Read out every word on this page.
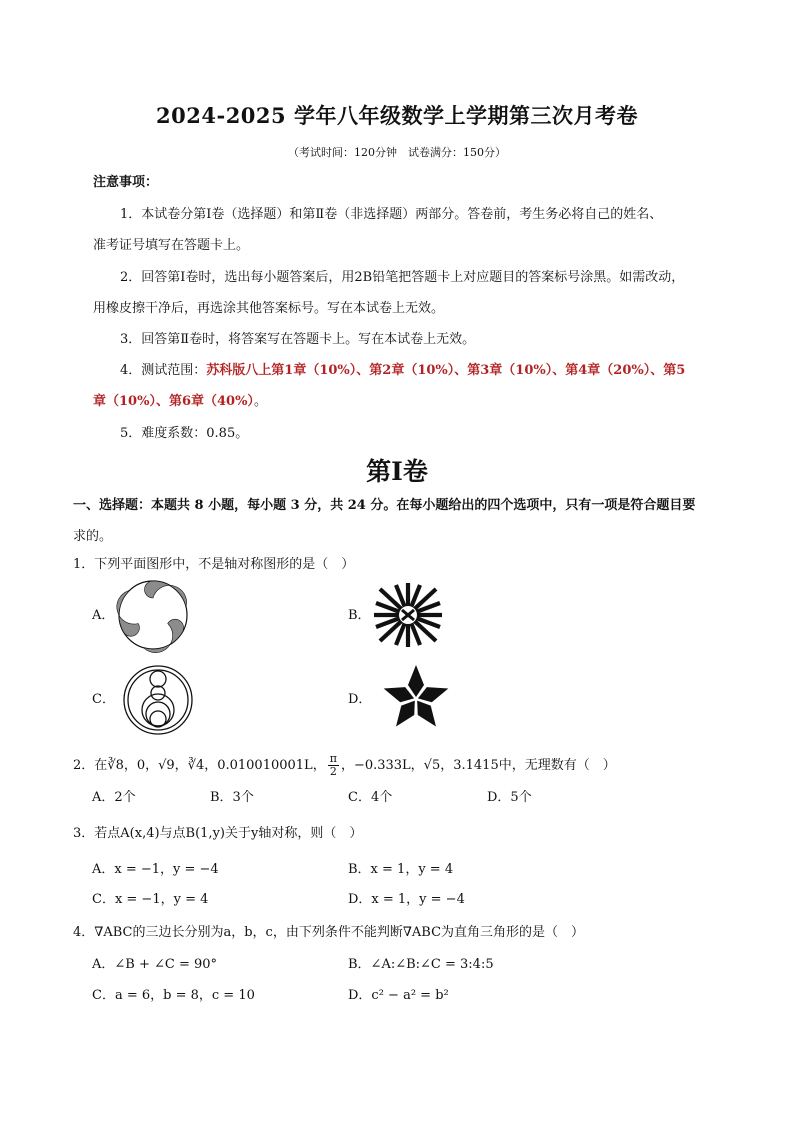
2024-2025 学年八年级数学上学期第三次月考卷
（考试时间：120分钟　试卷满分：150分）
注意事项：
1．本试卷分第Ⅰ卷（选择题）和第Ⅱ卷（非选择题）两部分。答卷前，考生务必将自己的姓名、
准考证号填写在答题卡上。
2．回答第Ⅰ卷时，选出每小题答案后，用2B铅笔把答题卡上对应题目的答案标号涂黑。如需改动，
用橡皮擦干净后，再选涂其他答案标号。写在本试卷上无效。
3．回答第Ⅱ卷时，将答案写在答题卡上。写在本试卷上无效。
4．测试范围：苏科版八上第1章（10%）、第2章（10%）、第3章（10%）、第4章（20%）、第5
章（10%）、第6章（40%）。
5．难度系数：0.85。
第Ⅰ卷
一、选择题：本题共 8 小题，每小题 3 分，共 24 分。在每小题给出的四个选项中，只有一项是符合题目要
求的。
1．下列平面图形中，不是轴对称图形的是（　）
A．	B．
C．	D．
2．在∛8，0，√9，∛4，0.010010001L， $\frac{\pi}{2}$ ，−0.333L，√5，3.1415中，无理数有（　）
A．2个	B．3个	C．4个	D．5个
3．若点A(x,4)与点B(1,y)关于y轴对称，则（　）
A．x = −1，y = −4	B．x = 1，y = 4
C．x = −1，y = 4	D．x = 1，y = −4
4．∇ABC的三边长分别为a，b，c，由下列条件不能判断∇ABC为直角三角形的是（　）
A．∠B + ∠C = 90°	B．∠A:∠B:∠C = 3:4:5
C．a = 6，b = 8，c = 10	D．c² − a² = b²
